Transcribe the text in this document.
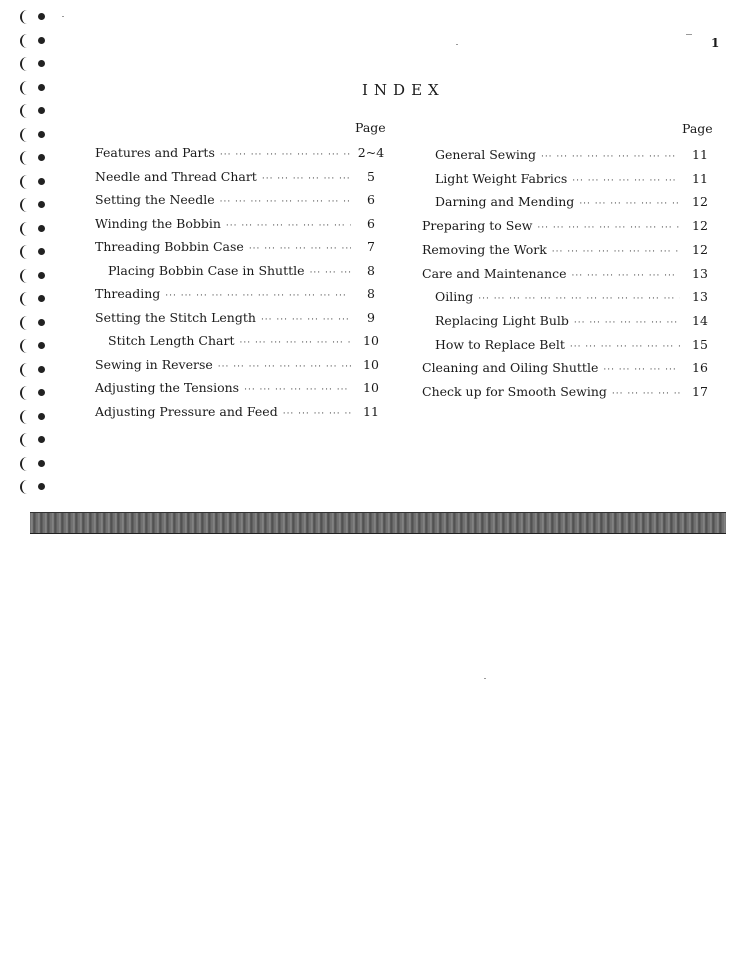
1
INDEX
Page
Features and Parts ··· ·	2~4
Needle and Thread Chart ··· ·	5
Setting the Needle ··· ·	6
Winding the Bobbin ··· ·	6
Threading Bobbin Case ··· ·	7
Placing Bobbin Case in Shuttle ··· ·	8
Threading ··· ·	8
Setting the Stitch Length ··· ·	9
Stitch Length Chart ··· ·	10
Sewing in Reverse ··· ·	10
Adjusting the Tensions ··· ·	10
Adjusting Pressure and Feed ··· ·	11
Page
General Sewing ··· ·	11
Light Weight Fabrics ··· ·	11
Darning and Mending ··· ·	12
Preparing to Sew ··· ·	12
Removing the Work ··· ·	12
Care and Maintenance ··· ·	13
Oiling ··· ·	13
Replacing Light Bulb ··· ·	14
How to Replace Belt ··· ·	15
Cleaning and Oiling Shuttle ··· ·	16
Check up for Smooth Sewing ··· ·	17
